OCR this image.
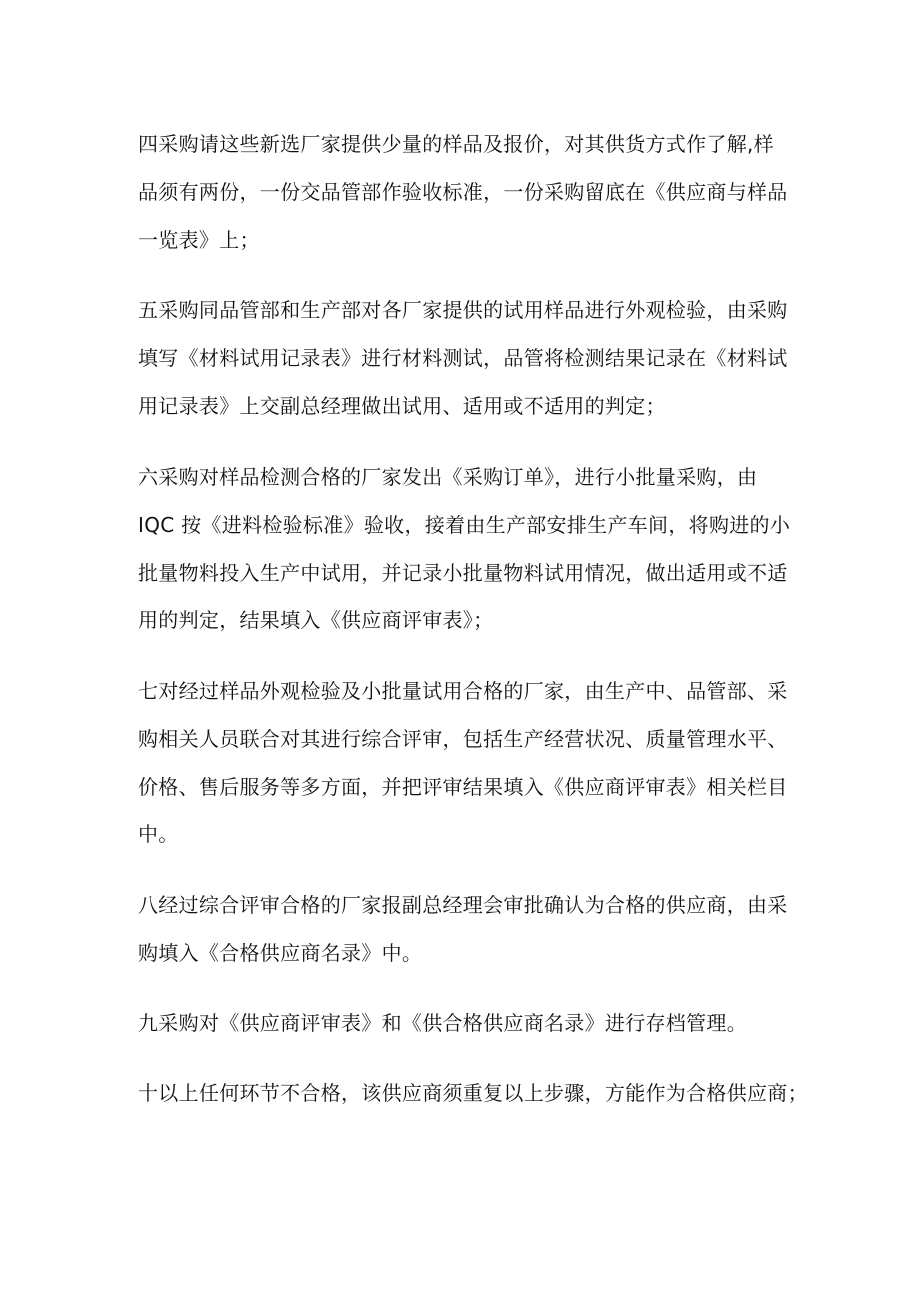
四采购请这些新选厂家提供少量的样品及报价，对其供货方式作了解,样
品须有两份，一份交品管部作验收标准，一份采购留底在《供应商与样品
一览表》上；
五采购同品管部和生产部对各厂家提供的试用样品进行外观检验，由采购
填写《材料试用记录表》进行材料测试，品管将检测结果记录在《材料试
用记录表》上交副总经理做出试用、适用或不适用的判定；
六采购对样品检测合格的厂家发出《采购订单》，进行小批量采购，由
IQC 按《进料检验标准》验收，接着由生产部安排生产车间，将购进的小
批量物料投入生产中试用，并记录小批量物料试用情况，做出适用或不适
用的判定，结果填入《供应商评审表》；
七对经过样品外观检验及小批量试用合格的厂家，由生产中、品管部、采
购相关人员联合对其进行综合评审，包括生产经营状况、质量管理水平、
价格、售后服务等多方面，并把评审结果填入《供应商评审表》相关栏目
中。
八经过综合评审合格的厂家报副总经理会审批确认为合格的供应商，由采
购填入《合格供应商名录》中。
九采购对《供应商评审表》和《供合格供应商名录》进行存档管理。
十以上任何环节不合格，该供应商须重复以上步骤，方能作为合格供应商；
